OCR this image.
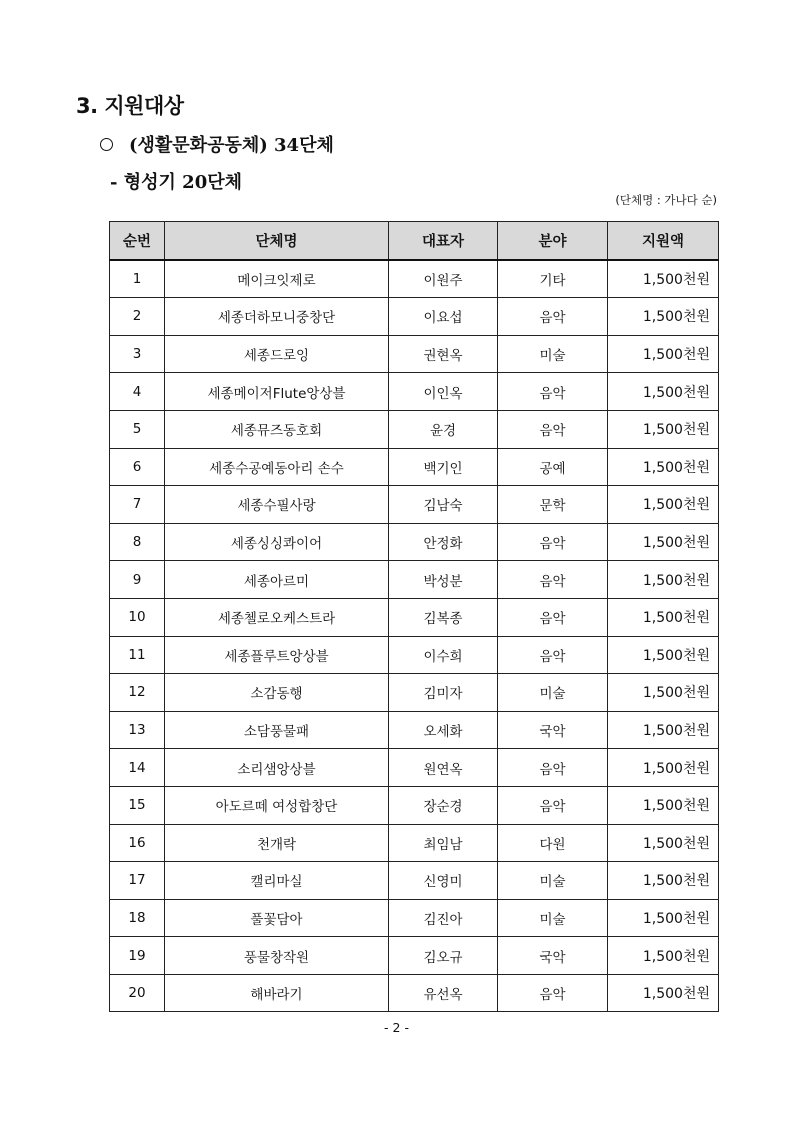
3. 지원대상
(생활문화공동체) 34단체
- 형성기 20단체
(단체명 : 가나다 순)
순번	단체명	대표자	분야	지원액
1	메이크잇제로	이원주	기타	1,500천원
2	세종더하모니중창단	이요섭	음악	1,500천원
3	세종드로잉	권현옥	미술	1,500천원
4	세종메이저Flute앙상블	이인옥	음악	1,500천원
5	세종뮤즈동호회	윤경	음악	1,500천원
6	세종수공예동아리 손수	백기인	공예	1,500천원
7	세종수필사랑	김남숙	문학	1,500천원
8	세종싱싱콰이어	안정화	음악	1,500천원
9	세종아르미	박성분	음악	1,500천원
10	세종첼로오케스트라	김복종	음악	1,500천원
11	세종플루트앙상블	이수희	음악	1,500천원
12	소감동행	김미자	미술	1,500천원
13	소담풍물패	오세화	국악	1,500천원
14	소리샘앙상블	원연옥	음악	1,500천원
15	아도르떼 여성합창단	장순경	음악	1,500천원
16	천개락	최임남	다원	1,500천원
17	캘리마실	신영미	미술	1,500천원
18	풀꽃담아	김진아	미술	1,500천원
19	풍물창작원	김오규	국악	1,500천원
20	해바라기	유선옥	음악	1,500천원
- 2 -
